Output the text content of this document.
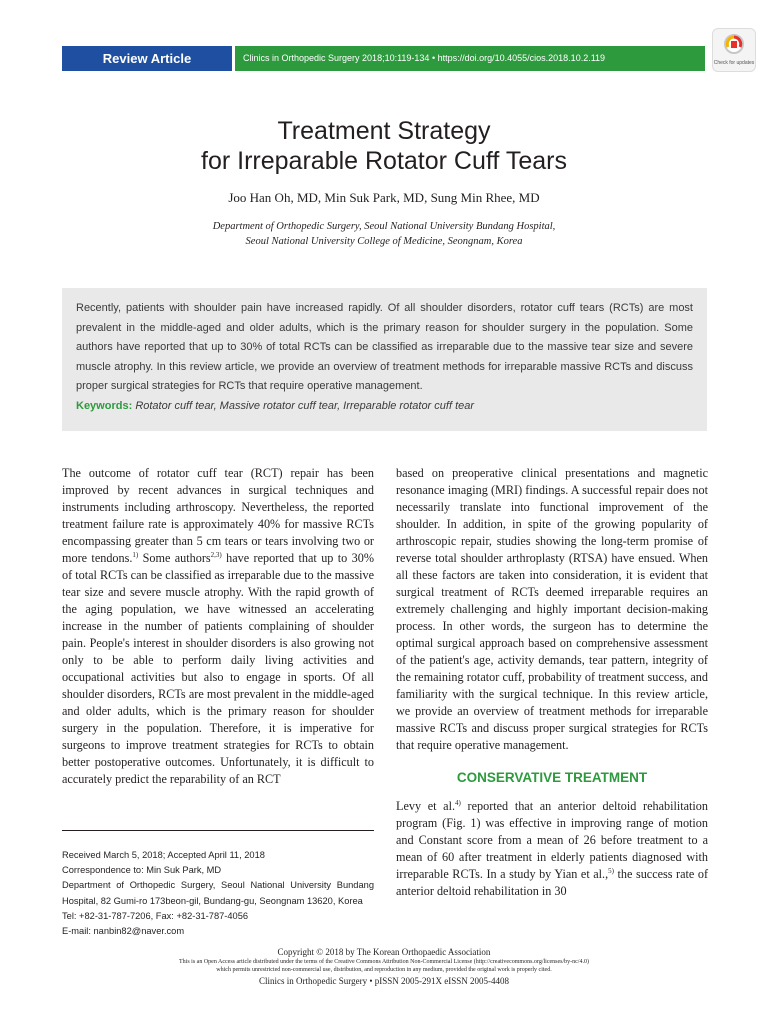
Review Article	Clinics in Orthopedic Surgery 2018;10:119-134 • https://doi.org/10.4055/cios.2018.10.2.119	Check for updates
Treatment Strategy
for Irreparable Rotator Cuff Tears
Joo Han Oh, MD, Min Suk Park, MD, Sung Min Rhee, MD
Department of Orthopedic Surgery, Seoul National University Bundang Hospital,
Seoul National University College of Medicine, Seongnam, Korea
Recently, patients with shoulder pain have increased rapidly. Of all shoulder disorders, rotator cuff tears (RCTs) are most prevalent in the middle-aged and older adults, which is the primary reason for shoulder surgery in the population. Some authors have reported that up to 30% of total RCTs can be classified as irreparable due to the massive tear size and severe muscle atrophy. In this review article, we provide an overview of treatment methods for irreparable massive RCTs and discuss proper surgical strategies for RCTs that require operative management.
Keywords: Rotator cuff tear, Massive rotator cuff tear, Irreparable rotator cuff tear
The outcome of rotator cuff tear (RCT) repair has been improved by recent advances in surgical techniques and instruments including arthroscopy. Nevertheless, the reported treatment failure rate is approximately 40% for massive RCTs encompassing greater than 5 cm tears or tears involving two or more tendons.$^{1)}$ Some authors$^{2,3)}$ have reported that up to 30% of total RCTs can be classified as irreparable due to the massive tear size and severe muscle atrophy. With the rapid growth of the aging population, we have witnessed an accelerating increase in the number of patients complaining of shoulder pain. People's interest in shoulder disorders is also growing not only to be able to perform daily living activities and occupational activities but also to engage in sports. Of all shoulder disorders, RCTs are most prevalent in the middle-aged and older adults, which is the primary reason for shoulder surgery in the population. Therefore, it is imperative for surgeons to improve treatment strategies for RCTs to obtain better postoperative outcomes. Unfortunately, it is difficult to accurately predict the reparability of an RCT

based on preoperative clinical presentations and magnetic resonance imaging (MRI) findings. A successful repair does not necessarily translate into functional improvement of the shoulder. In addition, in spite of the growing popularity of arthroscopic repair, studies showing the long-term promise of reverse total shoulder arthroplasty (RTSA) have ensued. When all these factors are taken into consideration, it is evident that surgical treatment of RCTs deemed irreparable requires an extremely challenging and highly important decision-making process. In other words, the surgeon has to determine the optimal surgical approach based on comprehensive assessment of the patient's age, activity demands, tear pattern, integrity of the remaining rotator cuff, probability of treatment success, and familiarity with the surgical technique. In this review article, we provide an overview of treatment methods for irreparable massive RCTs and discuss proper surgical strategies for RCTs that require operative management.

CONSERVATIVE TREATMENT
Levy et al.$^{4)}$ reported that an anterior deltoid rehabilitation program (Fig. 1) was effective in improving range of motion and Constant score from a mean of 26 before treatment to a mean of 60 after treatment in elderly patients diagnosed with irreparable RCTs. In a study by Yian et al.,$^{5)}$ the success rate of anterior deltoid rehabilitation in 30
Received March 5, 2018; Accepted April 11, 2018
Correspondence to: Min Suk Park, MD
Department of Orthopedic Surgery, Seoul National University Bundang Hospital, 82 Gumi-ro 173beon-gil, Bundang-gu, Seongnam 13620, Korea
Tel: +82-31-787-7206, Fax: +82-31-787-4056
E-mail: nanbin82@naver.com
Copyright © 2018 by The Korean Orthopaedic Association
This is an Open Access article distributed under the terms of the Creative Commons Attribution Non-Commercial License (http://creativecommons.org/licenses/by-nc/4.0)
which permits unrestricted non-commercial use, distribution, and reproduction in any medium, provided the original work is properly cited.
Clinics in Orthopedic Surgery • pISSN 2005-291X eISSN 2005-4408
